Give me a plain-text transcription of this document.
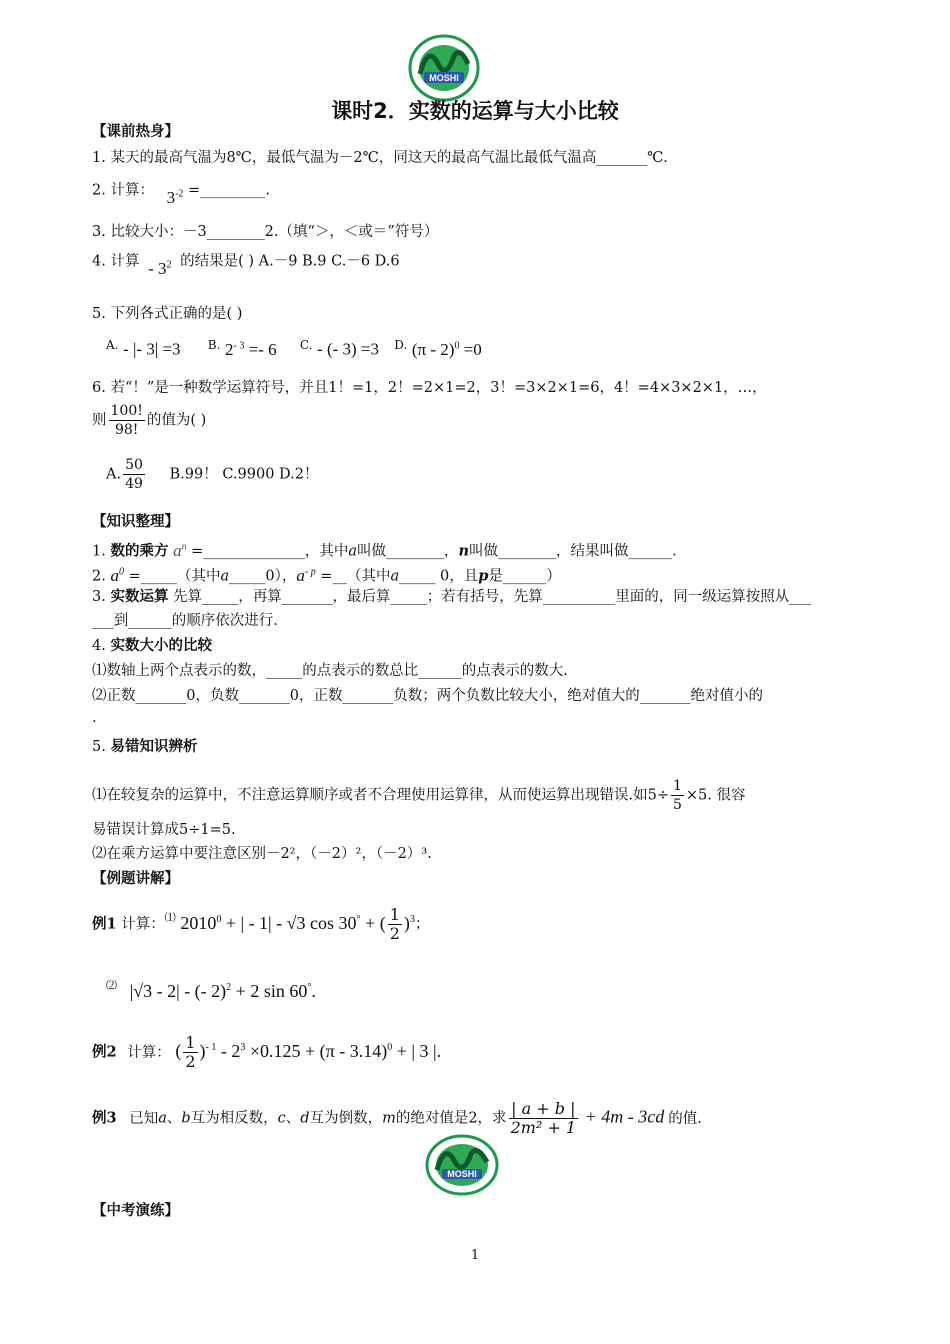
MOSHI
课时2．实数的运算与大小比较
【课前热身】
1. 某天的最高气温为8℃，最低气温为－2℃，同这天的最高气温比最低气温高_______℃.
2. 计算： $3^{-2}$ =_________.
3. 比较大小：－3________2.（填“＞，＜或＝”符号）
4. 计算 - $3^2$ 的结果是( ) A.－9 B.9 C.－6 D.6
5. 下列各式正确的是( )
$^{A.}$ - |- 3| =3 $^{B.}$ $2^{- 3} =- 6$ $^{C.}$ - (- 3) =3 $^{D.}$ (π - 2)$^0$ =0
6. 若“！”是一种数学运算符号，并且1！=1，2！=2×1=2，3！=3×2×1=6，4！=4×3×2×1，…，
则 $\frac{100!}{98!}$ 的值为( )
A. $\frac{50}{49} B.99$！ C.9900 D.2！
【知识整理】
1. 数的乘方 $a^n$ =______________，其中a叫做________，n叫做________，结果叫做______.
2. $a^0$ =_____（其中a_____0），$a^{- p}$ =__（其中a_____ 0，且p是______）
3. 实数运算 先算_____，再算_______，最后算_____；若有括号，先算__________里面的，同一级运算按照从___
___到______的顺序依次进行.
4. 实数大小的比较
⑴数轴上两个点表示的数，_____的点表示的数总比______的点表示的数大.
⑵正数_______0，负数_______0，正数_______负数；两个负数比较大小，绝对值大的_______绝对值小的
.
5. 易错知识辨析
⑴在较复杂的运算中，不注意运算顺序或者不合理使用运算律，从而使运算出现错误.如$5\div \frac{1}{5} \times 5$. 很容
易错误计算成5÷1=5.
⑵在乘方运算中要注意区别－2²，（－2）²，（－2）³.
【例题讲解】
例1 计算：⑴ $2010^0$ + | - 1| - √3 cos 30° + ( $\frac{1}{2} )^3$；
⑵ |√3 - 2| - (- 2)$^2$ + 2 sin 60°.
例2 计算： ( $\frac{1}{2} )^{- 1} - 2^3 \times 0.125 + (\pi - 3.14)^0$ + | 3 |.
例3 已知a、b互为相反数，c、d互为倒数，m的绝对值是2，求 $\frac{| a + b |}{\text{2m² + 1}} + 4m - 3cd$ 的值.
MOSHI
【中考演练】
1
